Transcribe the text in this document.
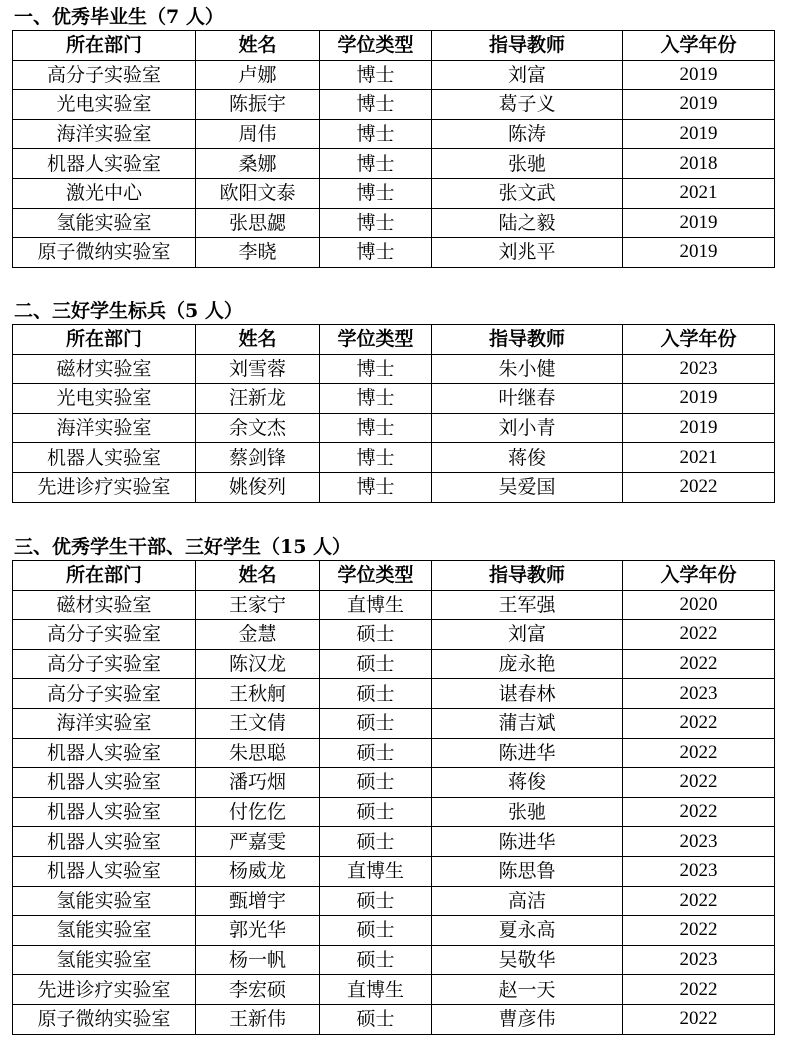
一、优秀毕业生（7 人）
所在部门	姓名	学位类型	指导教师	入学年份
高分子实验室	卢娜	博士	刘富	2019
光电实验室	陈振宇	博士	葛子义	2019
海洋实验室	周伟	博士	陈涛	2019
机器人实验室	桑娜	博士	张驰	2018
激光中心	欧阳文泰	博士	张文武	2021
氢能实验室	张思勰	博士	陆之毅	2019
原子微纳实验室	李晓	博士	刘兆平	2019
二、三好学生标兵（5 人）
所在部门	姓名	学位类型	指导教师	入学年份
磁材实验室	刘雪蓉	博士	朱小健	2023
光电实验室	汪新龙	博士	叶继春	2019
海洋实验室	余文杰	博士	刘小青	2019
机器人实验室	蔡剑锋	博士	蒋俊	2021
先进诊疗实验室	姚俊列	博士	吴爱国	2022
三、优秀学生干部、三好学生（15 人）
所在部门	姓名	学位类型	指导教师	入学年份
磁材实验室	王家宁	直博生	王军强	2020
高分子实验室	金慧	硕士	刘富	2022
高分子实验室	陈汉龙	硕士	庞永艳	2022
高分子实验室	王秋舸	硕士	谌春林	2023
海洋实验室	王文倩	硕士	蒲吉斌	2022
机器人实验室	朱思聪	硕士	陈进华	2022
机器人实验室	潘巧烟	硕士	蒋俊	2022
机器人实验室	付仡仡	硕士	张驰	2022
机器人实验室	严嘉雯	硕士	陈进华	2023
机器人实验室	杨威龙	直博生	陈思鲁	2023
氢能实验室	甄增宇	硕士	高洁	2022
氢能实验室	郭光华	硕士	夏永高	2022
氢能实验室	杨一帆	硕士	吴敬华	2023
先进诊疗实验室	李宏硕	直博生	赵一天	2022
原子微纳实验室	王新伟	硕士	曹彦伟	2022
